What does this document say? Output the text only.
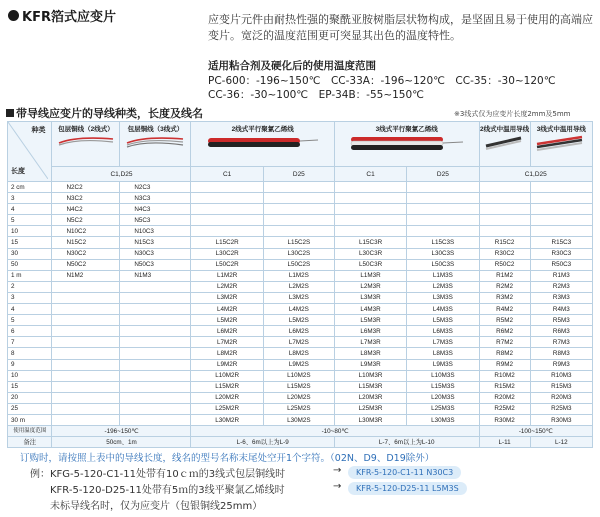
KFR箔式应变片	应变片元件由耐热性强的聚酰亚胺树脂层状物构成，是坚固且易于使用的高端应变片。宽泛的温度范围更可突显其出色的温度特性。
适用粘合剂及硬化后的使用温度范围
PC-600：-196~150℃　CC-33A：-196~120℃　CC-35：-30~120℃
CC-36：-30~100℃　EP-34B：-55~150℃
带导线应变片的导线种类，长度及线名	※3线式仅为应变片长度2mm及5mm
种类
长度	包层铜线（2线式）	包层铜线（3线式）	2线式平行聚氯乙烯线		3线式平行聚氯乙烯线		2线式中温用导线	3线式中温用导线

	C1,D25		C1	D25	C1	D25	C1,D25	
2 cm	N2C2	N2C3						
3	N3C2	N3C3						
4	N4C2	N4C3						
5	N5C2	N5C3						
10	N10C2	N10C3						
15	N15C2	N15C3	L15C2R	L15C2S	L15C3R	L15C3S	R15C2	R15C3
30	N30C2	N30C3	L30C2R	L30C2S	L30C3R	L30C3S	R30C2	R30C3
50	N50C2	N50C3	L50C2R	L50C2S	L50C3R	L50C3S	R50C2	R50C3
1 m	N1M2	N1M3	L1M2R	L1M2S	L1M3R	L1M3S	R1M2	R1M3
2			L2M2R	L2M2S	L2M3R	L2M3S	R2M2	R2M3
3			L3M2R	L3M2S	L3M3R	L3M3S	R3M2	R3M3
4			L4M2R	L4M2S	L4M3R	L4M3S	R4M2	R4M3
5			L5M2R	L5M2S	L5M3R	L5M3S	R5M2	R5M3
6			L6M2R	L6M2S	L6M3R	L6M3S	R6M2	R6M3
7			L7M2R	L7M2S	L7M3R	L7M3S	R7M2	R7M3
8			L8M2R	L8M2S	L8M3R	L8M3S	R8M2	R8M3
9			L9M2R	L9M2S	L9M3R	L9M3S	R9M2	R9M3
10			L10M2R	L10M2S	L10M3R	L10M3S	R10M2	R10M3
15			L15M2R	L15M2S	L15M3R	L15M3S	R15M2	R15M3
20			L20M2R	L20M2S	L20M3R	L20M3S	R20M2	R20M3
25			L25M2R	L25M2S	L25M3R	L25M3S	R25M2	R25M3
30 m			L30M2R	L30M2S	L30M3R	L30M3S	R30M2	R30M3
使用温度范围	-196~150℃		-10~80℃				-100~150℃	
备注	50cm、1m		L-6、6m以上为L-9		L-7、6m以上为L-10		L-11	L-12
订购时，请按照上表中的导线长度，线名的型号名称末尾处空开1个字符。（02N、D9、D19除外）
例：KFG-5-120-C1-11处带有10ｃｍ的3线式包层铜线时	→	KFR-5-120-C1-11 N30C3
KFR-5-120-D25-11处带有5ｍ的3线平聚氯乙烯线时	→	KFR-5-120-D25-11 L5M3S
未标导线名时，仅为应变片（包银铜线25mm）
